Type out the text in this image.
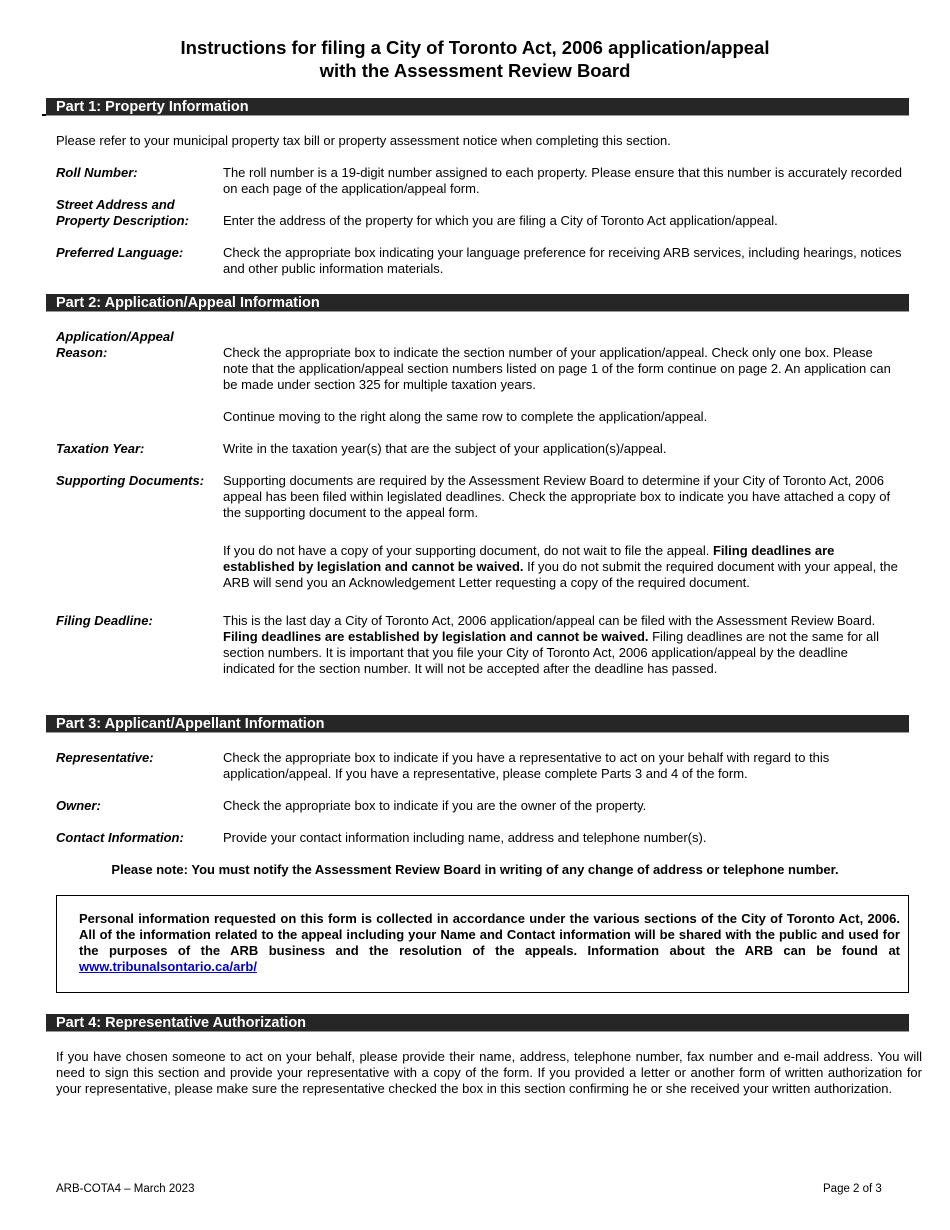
Instructions for filing a City of Toronto Act, 2006 application/appeal
with the Assessment Review Board
Part 1: Property Information
Please refer to your municipal property tax bill or property assessment notice when completing this section.
Roll Number:	The roll number is a 19-digit number assigned to each property. Please ensure that this number is accurately recorded on each page of the application/appeal form.
Street Address and
Property Description:	Enter the address of the property for which you are filing a City of Toronto Act application/appeal.
Preferred Language:	Check the appropriate box indicating your language preference for receiving ARB services, including hearings, notices and other public information materials.
Part 2: Application/Appeal Information
Application/Appeal
Reason:	Check the appropriate box to indicate the section number of your application/appeal. Check only one box. Please note that the application/appeal section numbers listed on page 1 of the form continue on page 2. An application can be made under section 325 for multiple taxation years.
Continue moving to the right along the same row to complete the application/appeal.
Taxation Year:	Write in the taxation year(s) that are the subject of your application(s)/appeal.
Supporting Documents:	Supporting documents are required by the Assessment Review Board to determine if your City of Toronto Act, 2006 appeal has been filed within legislated deadlines. Check the appropriate box to indicate you have attached a copy of the supporting document to the appeal form.
If you do not have a copy of your supporting document, do not wait to file the appeal. Filing deadlines are established by legislation and cannot be waived. If you do not submit the required document with your appeal, the ARB will send you an Acknowledgement Letter requesting a copy of the required document.
Filing Deadline:	This is the last day a City of Toronto Act, 2006 application/appeal can be filed with the Assessment Review Board. Filing deadlines are established by legislation and cannot be waived. Filing deadlines are not the same for all section numbers. It is important that you file your City of Toronto Act, 2006 application/appeal by the deadline indicated for the section number. It will not be accepted after the deadline has passed.
Part 3: Applicant/Appellant Information
Representative:	Check the appropriate box to indicate if you have a representative to act on your behalf with regard to this application/appeal. If you have a representative, please complete Parts 3 and 4 of the form.
Owner:	Check the appropriate box to indicate if you are the owner of the property.
Contact Information:	Provide your contact information including name, address and telephone number(s).
Please note: You must notify the Assessment Review Board in writing of any change of address or telephone number.
Personal information requested on this form is collected in accordance under the various sections of the City of Toronto Act, 2006. All of the information related to the appeal including your Name and Contact information will be shared with the public and used for the purposes of the ARB business and the resolution of the appeals. Information about the ARB can be found at www.tribunalsontario.ca/arb/
Part 4: Representative Authorization
If you have chosen someone to act on your behalf, please provide their name, address, telephone number, fax number and e-mail address. You will need to sign this section and provide your representative with a copy of the form. If you provided a letter or another form of written authorization for your representative, please make sure the representative checked the box in this section confirming he or she received your written authorization.
ARB-COTA4 – March 2023	Page 2 of 3
